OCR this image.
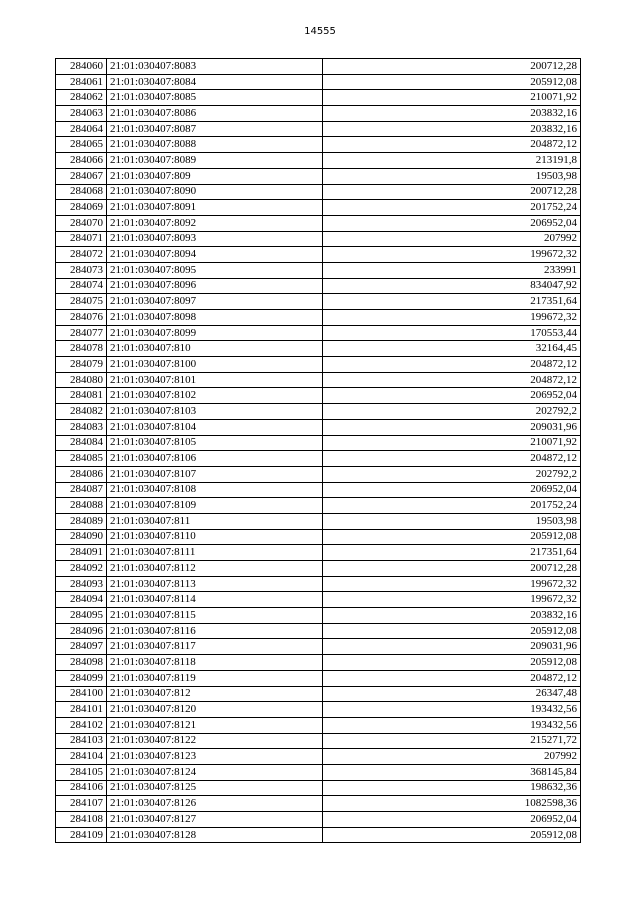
14555
284060	21:01:030407:8083	200712,28
284061	21:01:030407:8084	205912,08
284062	21:01:030407:8085	210071,92
284063	21:01:030407:8086	203832,16
284064	21:01:030407:8087	203832,16
284065	21:01:030407:8088	204872,12
284066	21:01:030407:8089	213191,8
284067	21:01:030407:809	19503,98
284068	21:01:030407:8090	200712,28
284069	21:01:030407:8091	201752,24
284070	21:01:030407:8092	206952,04
284071	21:01:030407:8093	207992
284072	21:01:030407:8094	199672,32
284073	21:01:030407:8095	233991
284074	21:01:030407:8096	834047,92
284075	21:01:030407:8097	217351,64
284076	21:01:030407:8098	199672,32
284077	21:01:030407:8099	170553,44
284078	21:01:030407:810	32164,45
284079	21:01:030407:8100	204872,12
284080	21:01:030407:8101	204872,12
284081	21:01:030407:8102	206952,04
284082	21:01:030407:8103	202792,2
284083	21:01:030407:8104	209031,96
284084	21:01:030407:8105	210071,92
284085	21:01:030407:8106	204872,12
284086	21:01:030407:8107	202792,2
284087	21:01:030407:8108	206952,04
284088	21:01:030407:8109	201752,24
284089	21:01:030407:811	19503,98
284090	21:01:030407:8110	205912,08
284091	21:01:030407:8111	217351,64
284092	21:01:030407:8112	200712,28
284093	21:01:030407:8113	199672,32
284094	21:01:030407:8114	199672,32
284095	21:01:030407:8115	203832,16
284096	21:01:030407:8116	205912,08
284097	21:01:030407:8117	209031,96
284098	21:01:030407:8118	205912,08
284099	21:01:030407:8119	204872,12
284100	21:01:030407:812	26347,48
284101	21:01:030407:8120	193432,56
284102	21:01:030407:8121	193432,56
284103	21:01:030407:8122	215271,72
284104	21:01:030407:8123	207992
284105	21:01:030407:8124	368145,84
284106	21:01:030407:8125	198632,36
284107	21:01:030407:8126	1082598,36
284108	21:01:030407:8127	206952,04
284109	21:01:030407:8128	205912,08
